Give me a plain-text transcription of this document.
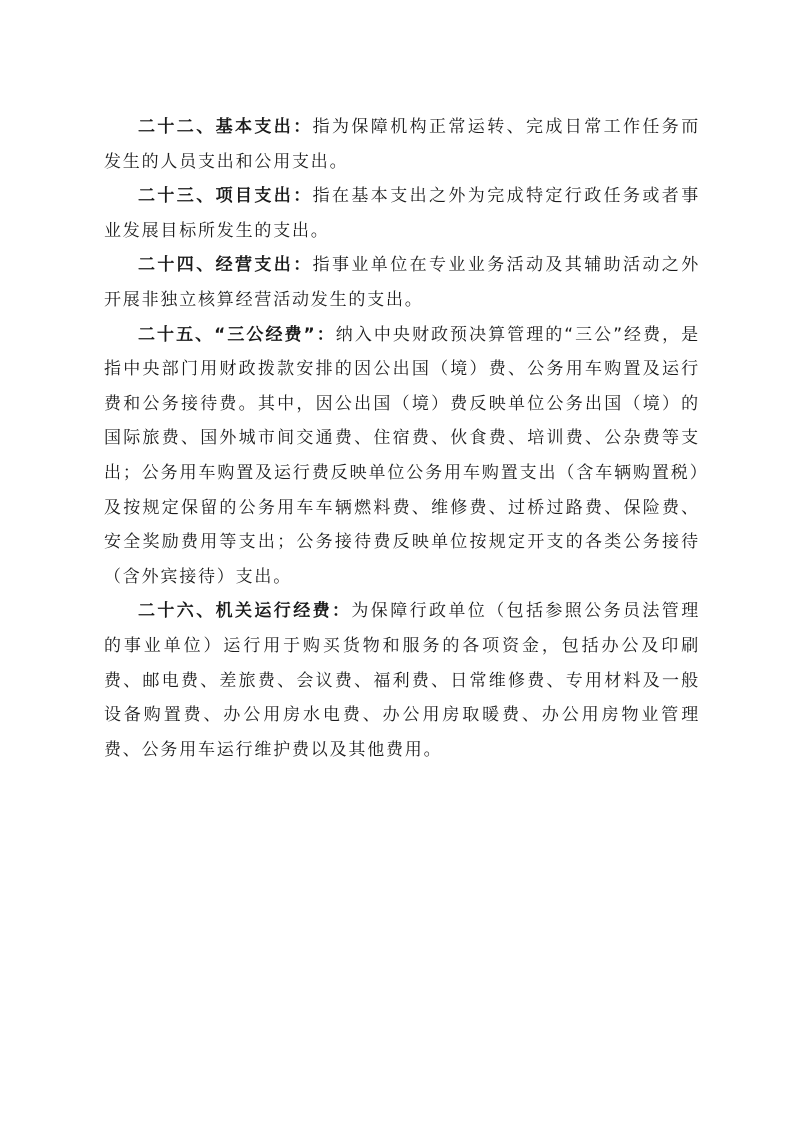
二十二、基本支出：指为保障机构正常运转、完成日常工作任务而发生的人员支出和公用支出。

二十三、项目支出：指在基本支出之外为完成特定行政任务或者事业发展目标所发生的支出。

二十四、经营支出：指事业单位在专业业务活动及其辅助活动之外开展非独立核算经营活动发生的支出。

二十五、“三公经费”：纳入中央财政预决算管理的“三公”经费，是指中央部门用财政拨款安排的因公出国（境）费、公务用车购置及运行费和公务接待费。其中，因公出国（境）费反映单位公务出国（境）的国际旅费、国外城市间交通费、住宿费、伙食费、培训费、公杂费等支出；公务用车购置及运行费反映单位公务用车购置支出（含车辆购置税）及按规定保留的公务用车车辆燃料费、维修费、过桥过路费、保险费、安全奖励费用等支出；公务接待费反映单位按规定开支的各类公务接待（含外宾接待）支出。

二十六、机关运行经费：为保障行政单位（包括参照公务员法管理的事业单位）运行用于购买货物和服务的各项资金，包括办公及印刷费、邮电费、差旅费、会议费、福利费、日常维修费、专用材料及一般设备购置费、办公用房水电费、办公用房取暖费、办公用房物业管理费、公务用车运行维护费以及其他费用。
